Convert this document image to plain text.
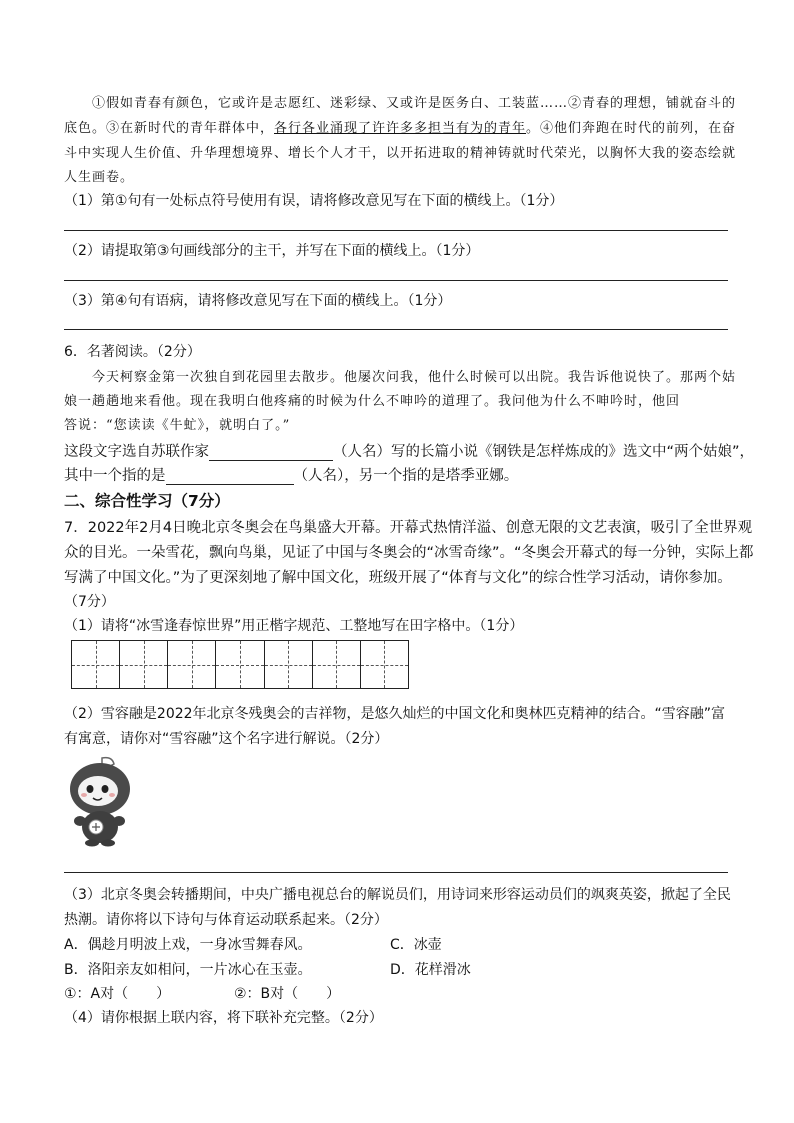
①假如青春有颜色，它或许是志愿红、迷彩绿、又或许是医务白、工装蓝……②青春的理想，铺就奋斗的
底色。③在新时代的青年群体中，各行各业涌现了许许多多担当有为的青年。④他们奔跑在时代的前列，在奋
斗中实现人生价值、升华理想境界、增长个人才干，以开拓进取的精神铸就时代荣光，以胸怀大我的姿态绘就
人生画卷。
（1）第①句有一处标点符号使用有误，请将修改意见写在下面的横线上。（1分）
（2）请提取第③句画线部分的主干，并写在下面的横线上。（1分）
（3）第④句有语病，请将修改意见写在下面的横线上。（1分）
6．名著阅读。（2分）
今天柯察金第一次独自到花园里去散步。他屡次问我，他什么时候可以出院。我告诉他说快了。那两个姑
娘一趟趟地来看他。现在我明白他疼痛的时候为什么不呻吟的道理了。我问他为什么不呻吟时，他回
答说：“您读读《牛虻》，就明白了。”
这段文字选自苏联作家	（人名）写的长篇小说《钢铁是怎样炼成的》选文中“两个姑娘”，
其中一个指的是	（人名），另一个指的是塔季亚娜。
二、综合性学习（7分）
7．2022年2月4日晚北京冬奥会在鸟巢盛大开幕。开幕式热情洋溢、创意无限的文艺表演，吸引了全世界观
众的目光。一朵雪花，飘向鸟巢，见证了中国与冬奥会的“冰雪奇缘”。“冬奥会开幕式的每一分钟，实际上都
写满了中国文化。”为了更深刻地了解中国文化，班级开展了“体育与文化”的综合性学习活动，请你参加。
（7分）
（1）请将“冰雪逢春惊世界”用正楷字规范、工整地写在田字格中。（1分）
（2）雪容融是2022年北京冬残奥会的吉祥物，是悠久灿烂的中国文化和奥林匹克精神的结合。“雪容融”富
有寓意，请你对“雪容融”这个名字进行解说。（2分）
（3）北京冬奥会转播期间，中央广播电视总台的解说员们，用诗词来形容运动员们的飒爽英姿，掀起了全民
热潮。请你将以下诗句与体育运动联系起来。（2分）
A．偶趁月明波上戏，一身冰雪舞春风。	C．冰壶
B．洛阳亲友如相问，一片冰心在玉壶。	D．花样滑冰
①：A对（　　）	②：B对（　　）
（4）请你根据上联内容，将下联补充完整。（2分）
